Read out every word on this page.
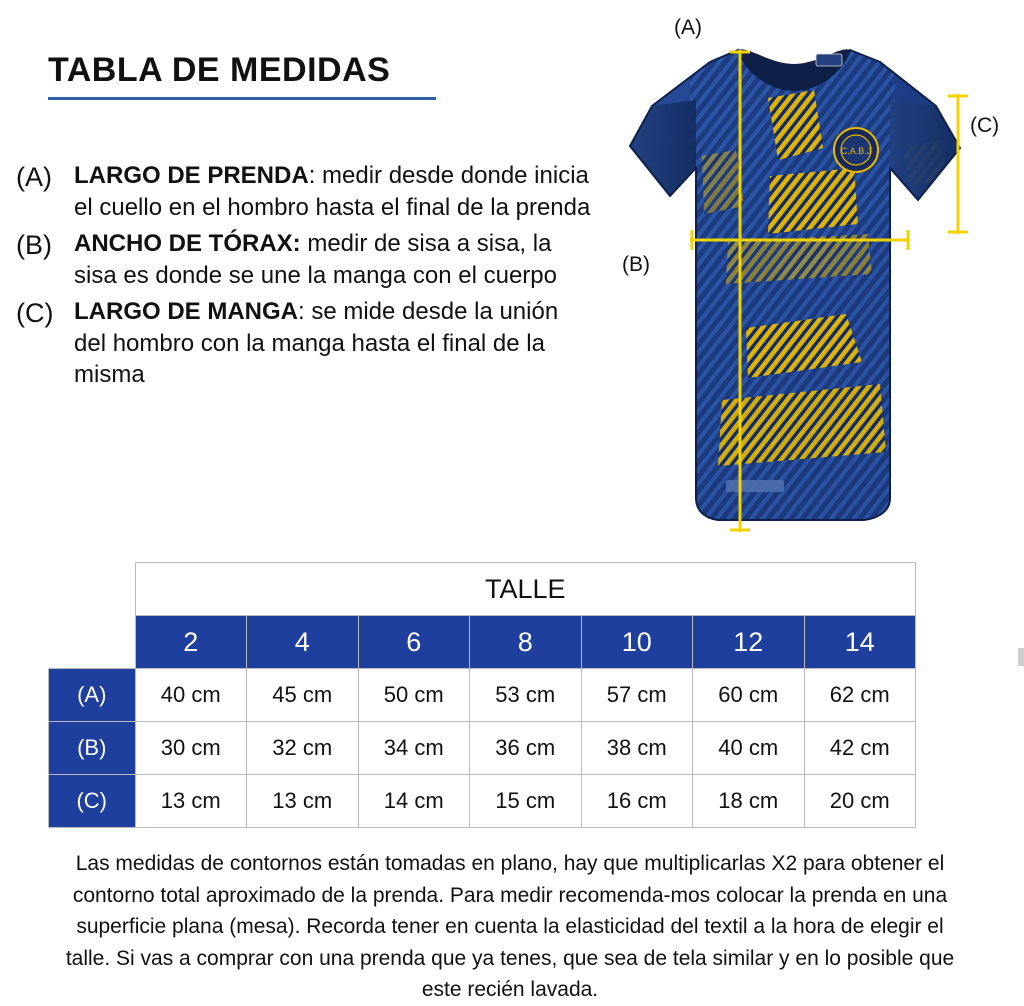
TABLA DE MEDIDAS
(A) LARGO DE PRENDA: medir desde donde inicia el cuello en el hombro hasta el final de la prenda
(B) ANCHO DE TÓRAX: medir de sisa a sisa, la sisa es donde se une la manga con el cuerpo
(C) LARGO DE MANGA: se mide desde la unión del hombro con la manga hasta el final de la misma
(A)
(B)
(C)
C.A.B.J
	TALLE						
	2	4	6	8	10	12	14
(A)	40 cm	45 cm	50 cm	53 cm	57 cm	60 cm	62 cm
(B)	30 cm	32 cm	34 cm	36 cm	38 cm	40 cm	42 cm
(C)	13 cm	13 cm	14 cm	15 cm	16 cm	18 cm	20 cm
Las medidas de contornos están tomadas en plano, hay que multiplicarlas X2 para obtener el contorno total aproximado de la prenda. Para medir recomenda-mos colocar la prenda en una superficie plana (mesa). Recorda tener en cuenta la elasticidad del textil a la hora de elegir el talle. Si vas a comprar con una prenda que ya tenes, que sea de tela similar y en lo posible que este recién lavada.
